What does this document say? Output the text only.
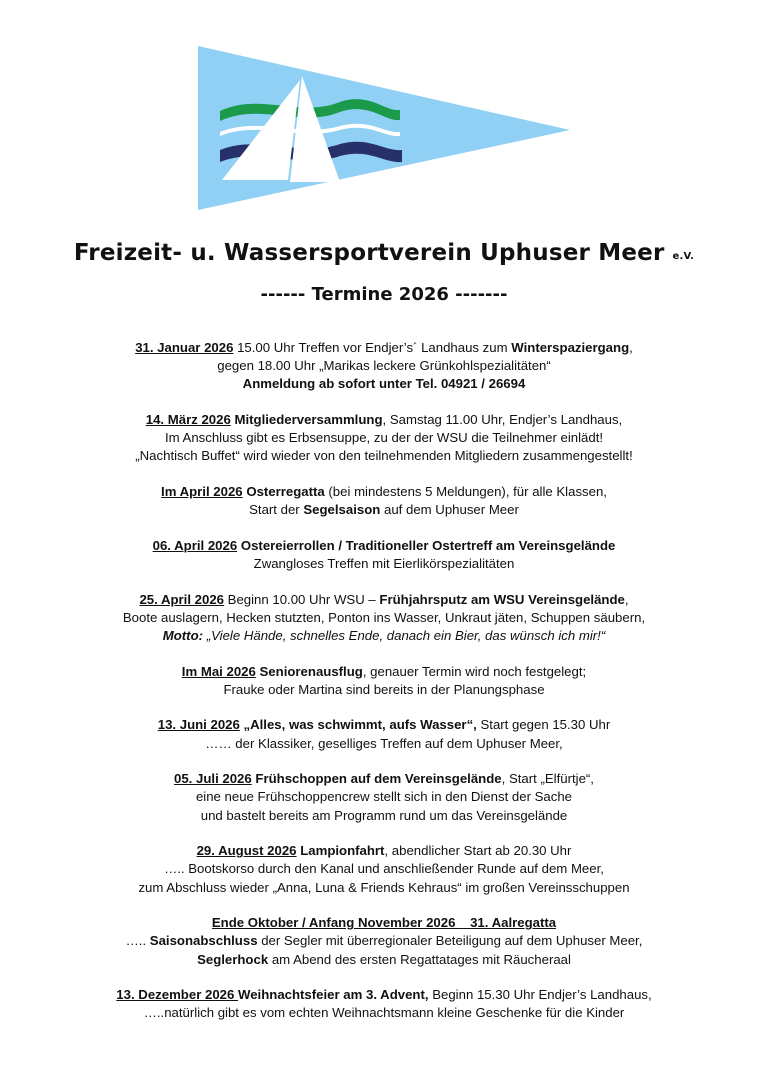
Freizeit- u. Wassersportverein Uphuser Meer e.V.
------ Termine 2026 -------
31. Januar 2026 15.00 Uhr Treffen vor Endjer’s´ Landhaus zum Winterspaziergang,
gegen 18.00 Uhr „Marikas leckere Grünkohlspezialitäten“
Anmeldung ab sofort unter Tel. 04921 / 26694
14. März 2026 Mitgliederversammlung, Samstag 11.00 Uhr, Endjer’s Landhaus,
Im Anschluss gibt es Erbsensuppe, zu der der WSU die Teilnehmer einlädt!
„Nachtisch Buffet“ wird wieder von den teilnehmenden Mitgliedern zusammengestellt!
Im April 2026 Osterregatta (bei mindestens 5 Meldungen), für alle Klassen,
Start der Segelsaison auf dem Uphuser Meer
06. April 2026 Ostereierrollen / Traditioneller Ostertreff am Vereinsgelände
Zwangloses Treffen mit Eierlikörspezialitäten
25. April 2026 Beginn 10.00 Uhr WSU – Frühjahrsputz am WSU Vereinsgelände,
Boote auslagern, Hecken stutzten, Ponton ins Wasser, Unkraut jäten, Schuppen säubern,
Motto: „Viele Hände, schnelles Ende, danach ein Bier, das wünsch ich mir!“
Im Mai 2026 Seniorenausflug, genauer Termin wird noch festgelegt;
Frauke oder Martina sind bereits in der Planungsphase
13. Juni 2026 „Alles, was schwimmt, aufs Wasser“, Start gegen 15.30 Uhr
…… der Klassiker, geselliges Treffen auf dem Uphuser Meer,
05. Juli 2026 Frühschoppen auf dem Vereinsgelände, Start „Elfürtje“,
eine neue Frühschoppencrew stellt sich in den Dienst der Sache
und bastelt bereits am Programm rund um das Vereinsgelände
29. August 2026 Lampionfahrt, abendlicher Start ab 20.30 Uhr
….. Bootskorso durch den Kanal und anschließender Runde auf dem Meer,
zum Abschluss wieder „Anna, Luna & Friends Kehraus“ im großen Vereinsschuppen
Ende Oktober / Anfang November 2026    31. Aalregatta
….. Saisonabschluss der Segler mit überregionaler Beteiligung auf dem Uphuser Meer,
Seglerhock am Abend des ersten Regattatages mit Räucheraal
13. Dezember 2026 Weihnachtsfeier am 3. Advent, Beginn 15.30 Uhr Endjer’s Landhaus,
…..natürlich gibt es vom echten Weihnachtsmann kleine Geschenke für die Kinder
